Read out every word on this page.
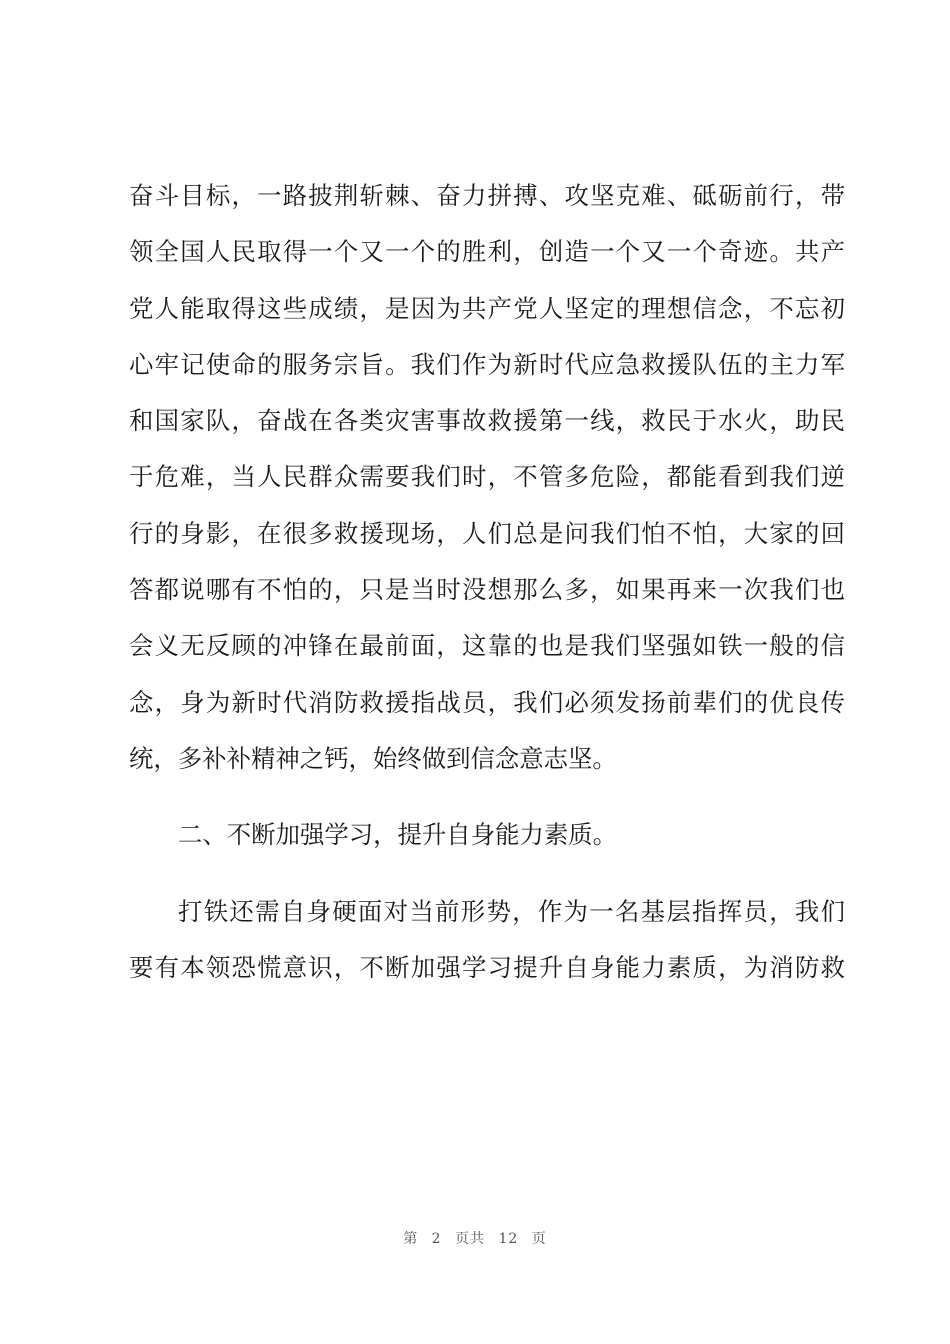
奋斗目标，一路披荆斩棘、奋力拼搏、攻坚克难、砥砺前行，带
领全国人民取得一个又一个的胜利，创造一个又一个奇迹。共产
党人能取得这些成绩，是因为共产党人坚定的理想信念，不忘初
心牢记使命的服务宗旨。我们作为新时代应急救援队伍的主力军
和国家队，奋战在各类灾害事故救援第一线，救民于水火，助民
于危难，当人民群众需要我们时，不管多危险，都能看到我们逆
行的身影，在很多救援现场，人们总是问我们怕不怕，大家的回
答都说哪有不怕的，只是当时没想那么多，如果再来一次我们也
会义无反顾的冲锋在最前面，这靠的也是我们坚强如铁一般的信
念，身为新时代消防救援指战员，我们必须发扬前辈们的优良传
统，多补补精神之钙，始终做到信念意志坚。
二、不断加强学习，提升自身能力素质。
打铁还需自身硬面对当前形势，作为一名基层指挥员，我们
要有本领恐慌意识，不断加强学习提升自身能力素质，为消防救
第 2 页共 12 页
